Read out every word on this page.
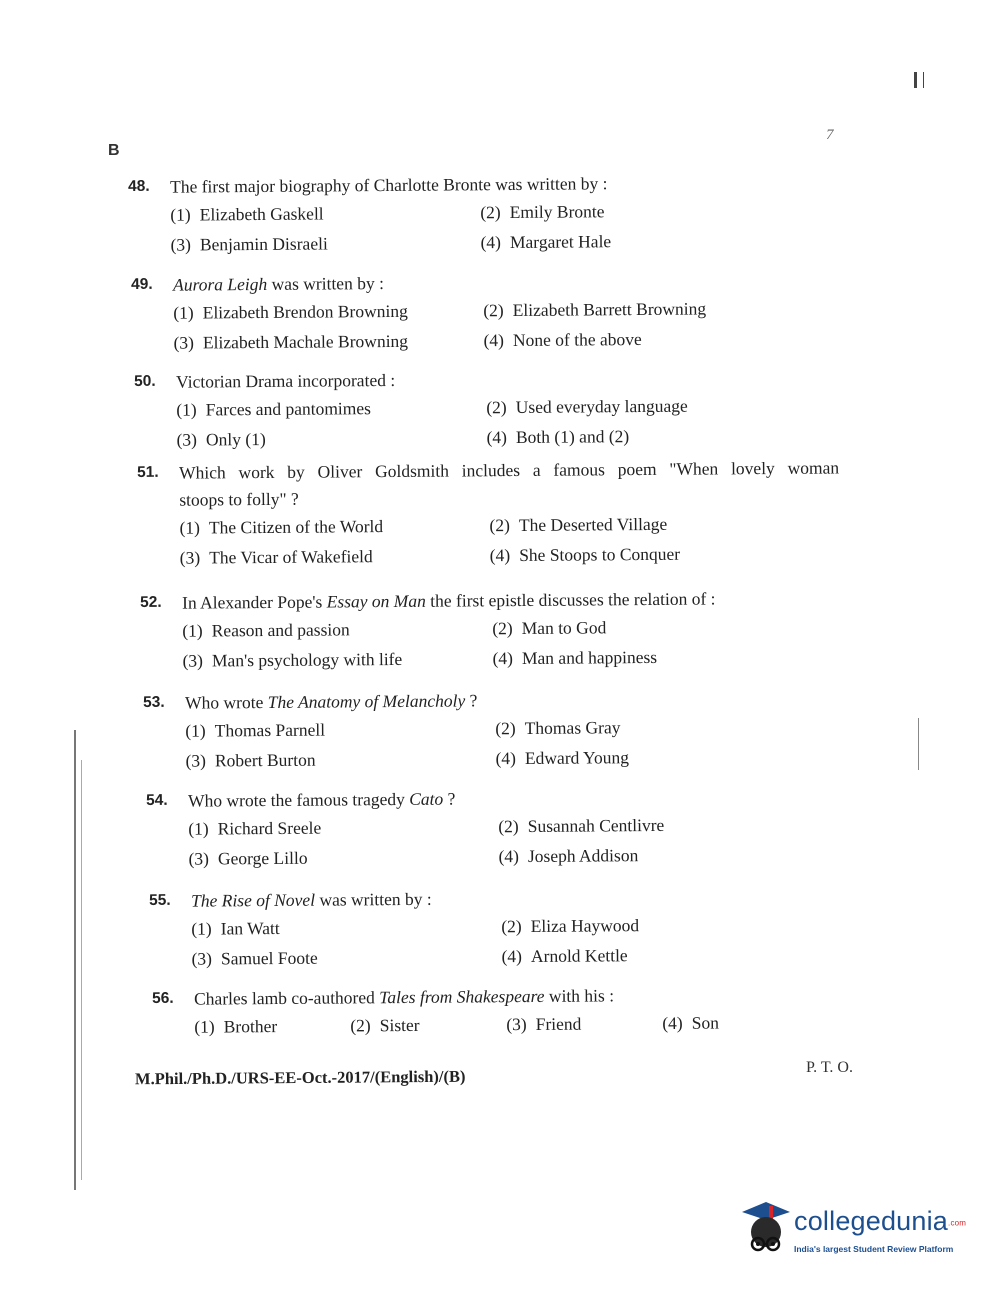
B
7
48.	The first major biography of Charlotte Bronte was written by :
(1) Elizabeth Gaskell	(2) Emily Bronte
(3) Benjamin Disraeli	(4) Margaret Hale
49.	Aurora Leigh was written by :
(1) Elizabeth Brendon Browning	(2) Elizabeth Barrett Browning
(3) Elizabeth Machale Browning	(4) None of the above
50.	Victorian Drama incorporated :
(1) Farces and pantomimes	(2) Used everyday language
(3) Only (1)	(4) Both (1) and (2)
51.	Which work by Oliver Goldsmith includes a famous poem "When lovely woman
stoops to folly" ?
(1) The Citizen of the World	(2) The Deserted Village
(3) The Vicar of Wakefield	(4) She Stoops to Conquer
52.	In Alexander Pope's Essay on Man the first epistle discusses the relation of :
(1) Reason and passion	(2) Man to God
(3) Man's psychology with life	(4) Man and happiness
53.	Who wrote The Anatomy of Melancholy ?
(1) Thomas Parnell	(2) Thomas Gray
(3) Robert Burton	(4) Edward Young
54.	Who wrote the famous tragedy Cato ?
(1) Richard Sreele	(2) Susannah Centlivre
(3) George Lillo	(4) Joseph Addison
55.	The Rise of Novel was written by :
(1) Ian Watt	(2) Eliza Haywood
(3) Samuel Foote	(4) Arnold Kettle
56.	Charles lamb co-authored Tales from Shakespeare with his :
(1) Brother	(2) Sister	(3) Friend	(4) Son
M.Phil./Ph.D./URS-EE-Oct.-2017/(English)/(B)	P. T. O.
collegedunia.com
India's largest Student Review Platform
